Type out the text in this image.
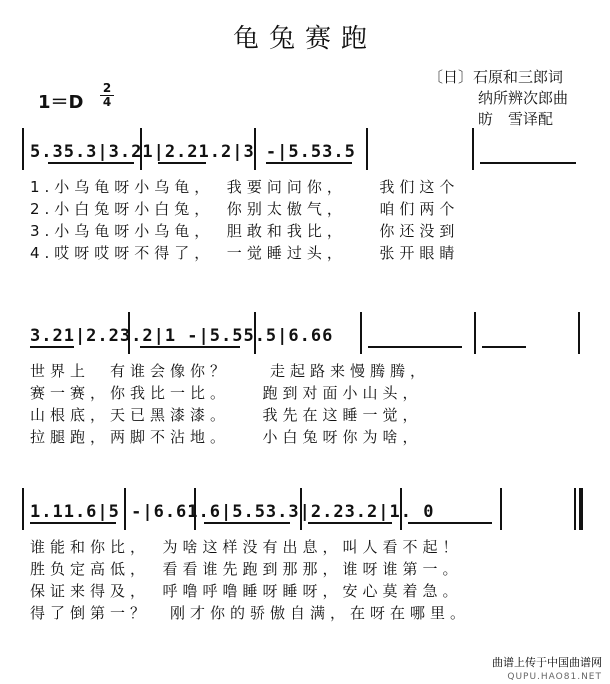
龟兔赛跑
〔日〕石原和三郎词
纳所辨次郎曲
昉　雪译配
1＝D
2
4
5.35.3|3.21|2.21.2|3 -|5.53.5
1.小乌龟呀小乌龟，　我要问问你，　　我们这个
2.小白兔呀小白兔，　你别太傲气，　　咱们两个
3.小乌龟呀小乌龟，　胆敢和我比，　　你还没到
4.哎呀哎呀不得了，　一觉睡过头，　　张开眼睛
3.21|2.23.2|1 -|5.55.5|6.66
世界上　有谁会像你？　　走起路来慢腾腾，
赛一赛，你我比一比。　　跑到对面小山头，
山根底，天已黑漆漆。　　我先在这睡一觉，
拉腿跑，两脚不沾地。　　小白兔呀你为啥，
1.11.6|5 -|6.61.6|5.53.3|2.23.2|1. 0
谁能和你比，　为啥这样没有出息，叫人看不起！
胜负定高低，　看看谁先跑到那那，谁呀谁第一。
保证来得及，　呼噜呼噜睡呀睡呀，安心莫着急。
得了倒第一？　刚才你的骄傲自满，在呀在哪里。
曲谱上传于中国曲谱网
QUPU.HAO81.NET
